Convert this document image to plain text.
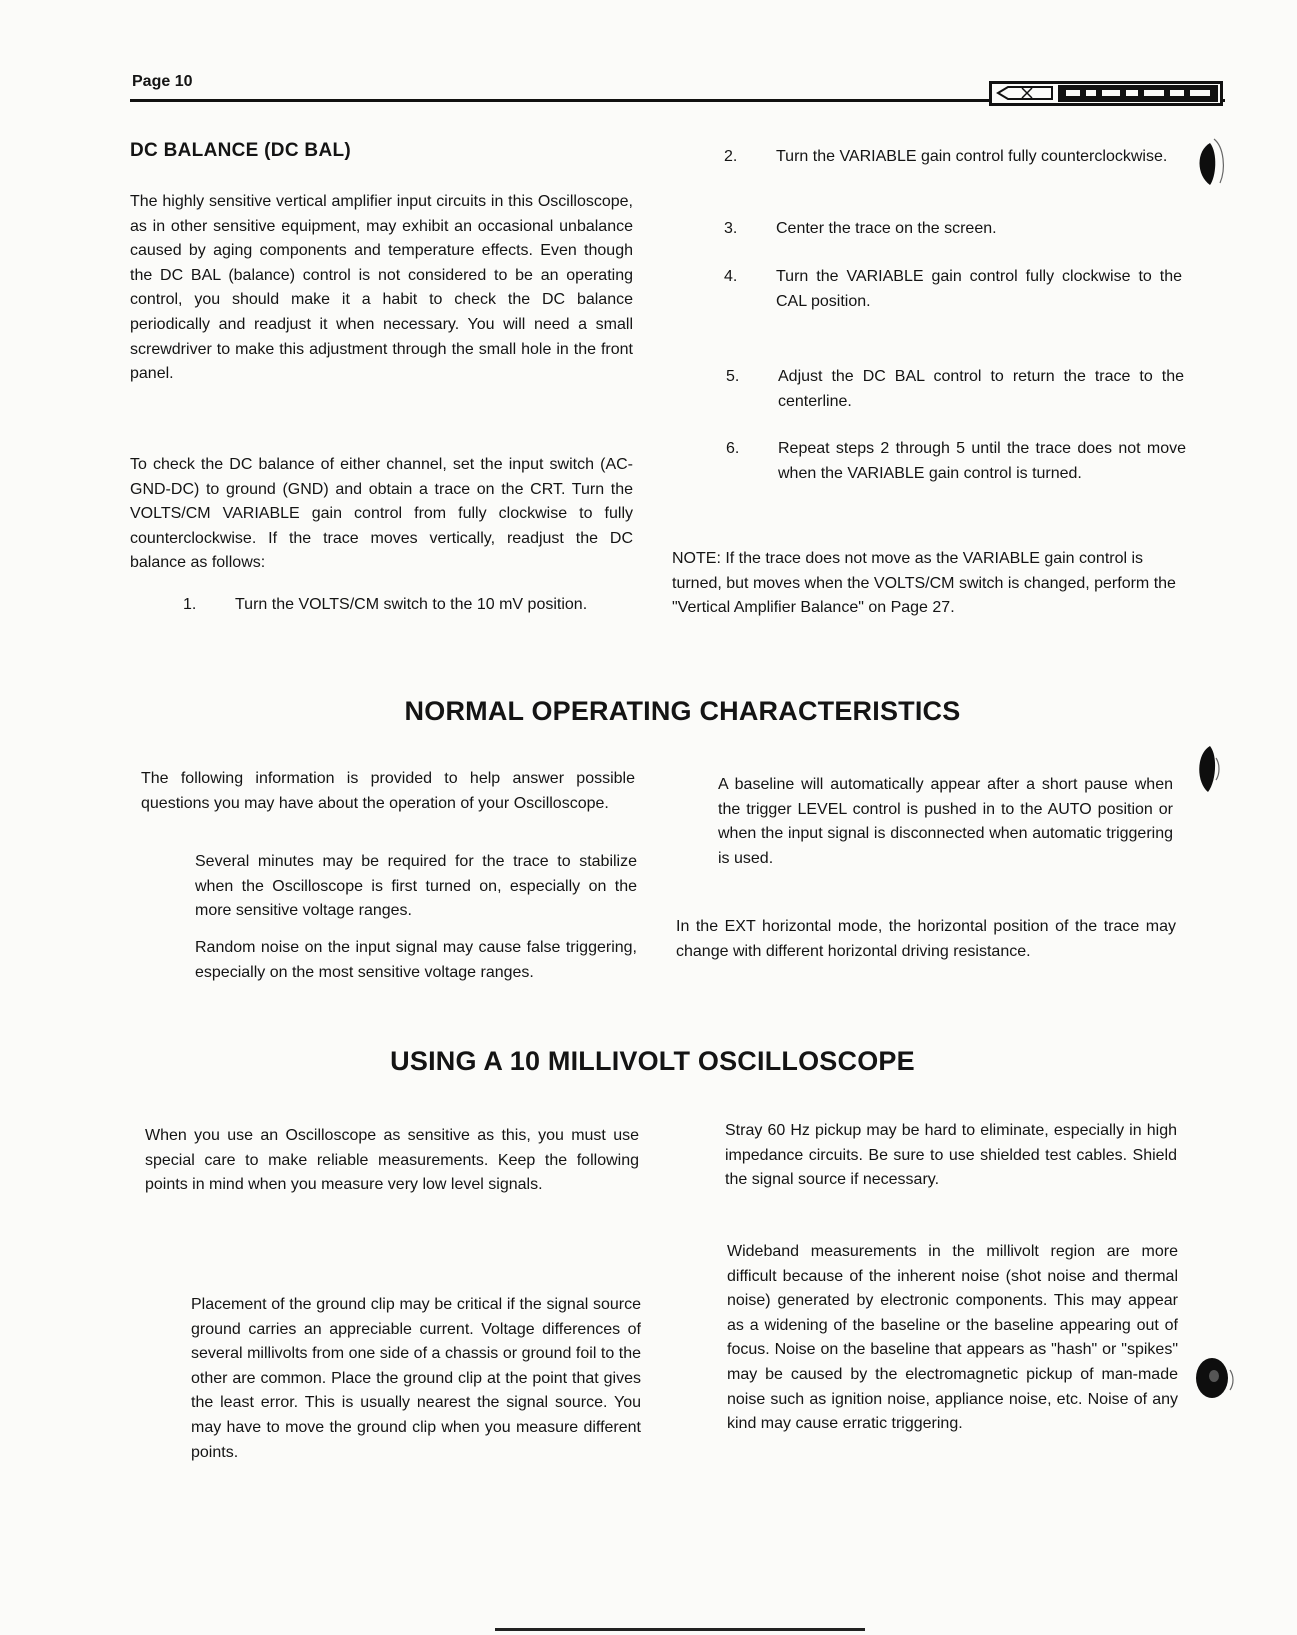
Page 10
DC BALANCE (DC BAL)

The highly sensitive vertical amplifier input circuits in this Oscilloscope, as in other sensitive equipment, may exhibit an occasional unbalance caused by aging components and temperature effects. Even though the DC BAL (balance) control is not considered to be an operating control, you should make it a habit to check the DC balance periodically and readjust it when necessary. You will need a small screwdriver to make this adjustment through the small hole in the front panel.

To check the DC balance of either channel, set the input switch (AC-GND-DC) to ground (GND) and obtain a trace on the CRT. Turn the VOLTS/CM VARIABLE gain control from fully clockwise to fully counterclockwise. If the trace moves vertically, readjust the DC balance as follows:

1.	Turn the VOLTS/CM switch to the 10 mV position.
2.	Turn the VARIABLE gain control fully counterclockwise.
3.	Center the trace on the screen.
4.	Turn the VARIABLE gain control fully clockwise to the CAL position.
5.	Adjust the DC BAL control to return the trace to the centerline.
6.	Repeat steps 2 through 5 until the trace does not move when the VARIABLE gain control is turned.

NOTE: If the trace does not move as the VARIABLE gain control is turned, but moves when the VOLTS/CM switch is changed, perform the "Vertical Amplifier Balance" on Page 27.

NORMAL OPERATING CHARACTERISTICS

The following information is provided to help answer possible questions you may have about the operation of your Oscilloscope.

Several minutes may be required for the trace to stabilize when the Oscilloscope is first turned on, especially on the more sensitive voltage ranges.

Random noise on the input signal may cause false triggering, especially on the most sensitive voltage ranges.

A baseline will automatically appear after a short pause when the trigger LEVEL control is pushed in to the AUTO position or when the input signal is disconnected when automatic triggering is used.

In the EXT horizontal mode, the horizontal position of the trace may change with different horizontal driving resistance.

USING A 10 MILLIVOLT OSCILLOSCOPE

When you use an Oscilloscope as sensitive as this, you must use special care to make reliable measurements. Keep the following points in mind when you measure very low level signals.

Placement of the ground clip may be critical if the signal source ground carries an appreciable current. Voltage differences of several millivolts from one side of a chassis or ground foil to the other are common. Place the ground clip at the point that gives the least error. This is usually nearest the signal source. You may have to move the ground clip when you measure different points.

Stray 60 Hz pickup may be hard to eliminate, especially in high impedance circuits. Be sure to use shielded test cables. Shield the signal source if necessary.

Wideband measurements in the millivolt region are more difficult because of the inherent noise (shot noise and thermal noise) generated by electronic components. This may appear as a widening of the baseline or the baseline appearing out of focus. Noise on the baseline that appears as "hash" or "spikes" may be caused by the electromagnetic pickup of man-made noise such as ignition noise, appliance noise, etc. Noise of any kind may cause erratic triggering.
